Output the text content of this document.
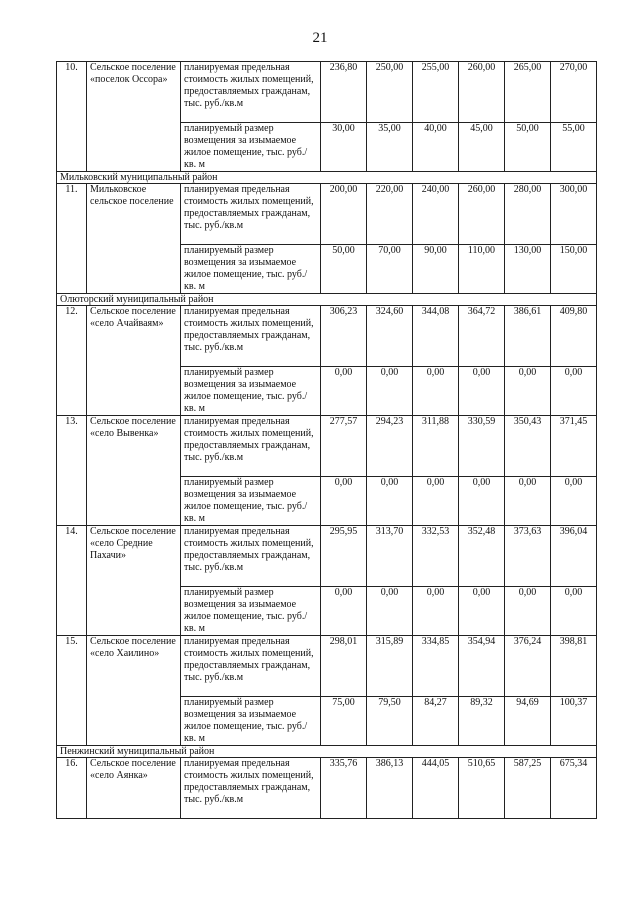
21
10.	Сельское поселение «поселок Оссора»	планируемая предельная стоимость жилых помещений, предоставляемых гражданам, тыс. руб./кв.м	236,80	250,00	255,00	260,00	265,00	270,00
		планируемый размер возмещения за изымаемое жилое помещение, тыс. руб./кв. м	30,00	35,00	40,00	45,00	50,00	55,00
Мильковский муниципальный район								
11.	Мильковское сельское поселение	планируемая предельная стоимость жилых помещений, предоставляемых гражданам, тыс. руб./кв.м	200,00	220,00	240,00	260,00	280,00	300,00
		планируемый размер возмещения за изымаемое жилое помещение, тыс. руб./кв. м	50,00	70,00	90,00	110,00	130,00	150,00
Олюторский муниципальный район								
12.	Сельское поселение «село Ачайваям»	планируемая предельная стоимость жилых помещений, предоставляемых гражданам, тыс. руб./кв.м	306,23	324,60	344,08	364,72	386,61	409,80
		планируемый размер возмещения за изымаемое жилое помещение, тыс. руб./кв. м	0,00	0,00	0,00	0,00	0,00	0,00
13.	Сельское поселение «село Вывенка»	планируемая предельная стоимость жилых помещений, предоставляемых гражданам, тыс. руб./кв.м	277,57	294,23	311,88	330,59	350,43	371,45
		планируемый размер возмещения за изымаемое жилое помещение, тыс. руб./кв. м	0,00	0,00	0,00	0,00	0,00	0,00
14.	Сельское поселение «село Средние Пахачи»	планируемая предельная стоимость жилых помещений, предоставляемых гражданам, тыс. руб./кв.м	295,95	313,70	332,53	352,48	373,63	396,04
		планируемый размер возмещения за изымаемое жилое помещение, тыс. руб./кв. м	0,00	0,00	0,00	0,00	0,00	0,00
15.	Сельское поселение «село Хаилино»	планируемая предельная стоимость жилых помещений, предоставляемых гражданам, тыс. руб./кв.м	298,01	315,89	334,85	354,94	376,24	398,81
		планируемый размер возмещения за изымаемое жилое помещение, тыс. руб./кв. м	75,00	79,50	84,27	89,32	94,69	100,37
Пенжинский муниципальный район								
16.	Сельское поселение «село Аянка»	планируемая предельная стоимость жилых помещений, предоставляемых гражданам, тыс. руб./кв.м	335,76	386,13	444,05	510,65	587,25	675,34
